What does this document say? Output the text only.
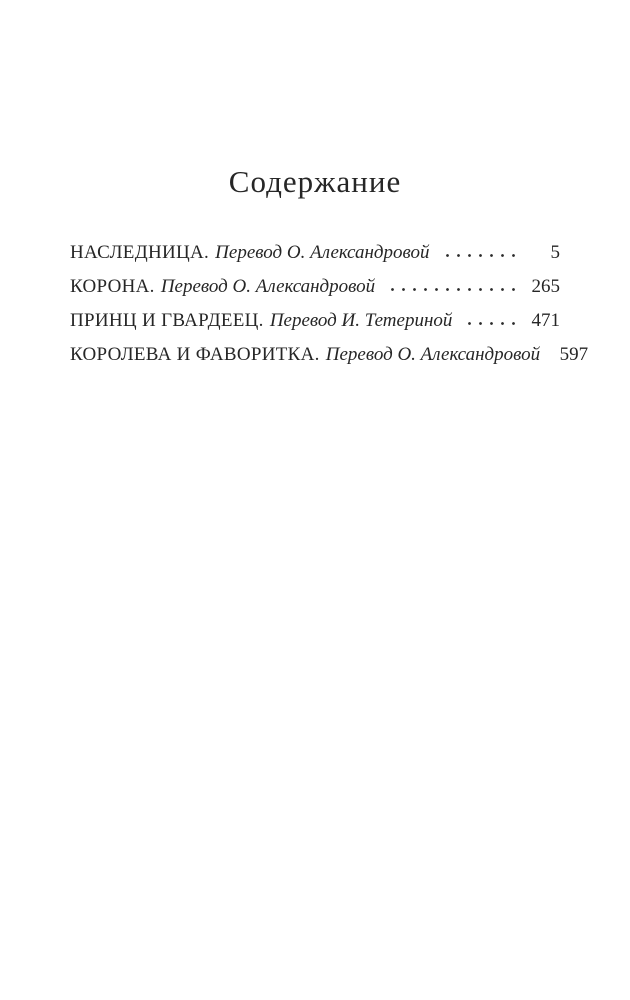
Содержание
НАСЛЕДНИЦА. Перевод О. Александровой	5
КОРОНА. Перевод О. Александровой	265
ПРИНЦ И ГВАРДЕЕЦ. Перевод И. Тетериной	471
КОРОЛЕВА И ФАВОРИТКА. Перевод О. Александровой	597
